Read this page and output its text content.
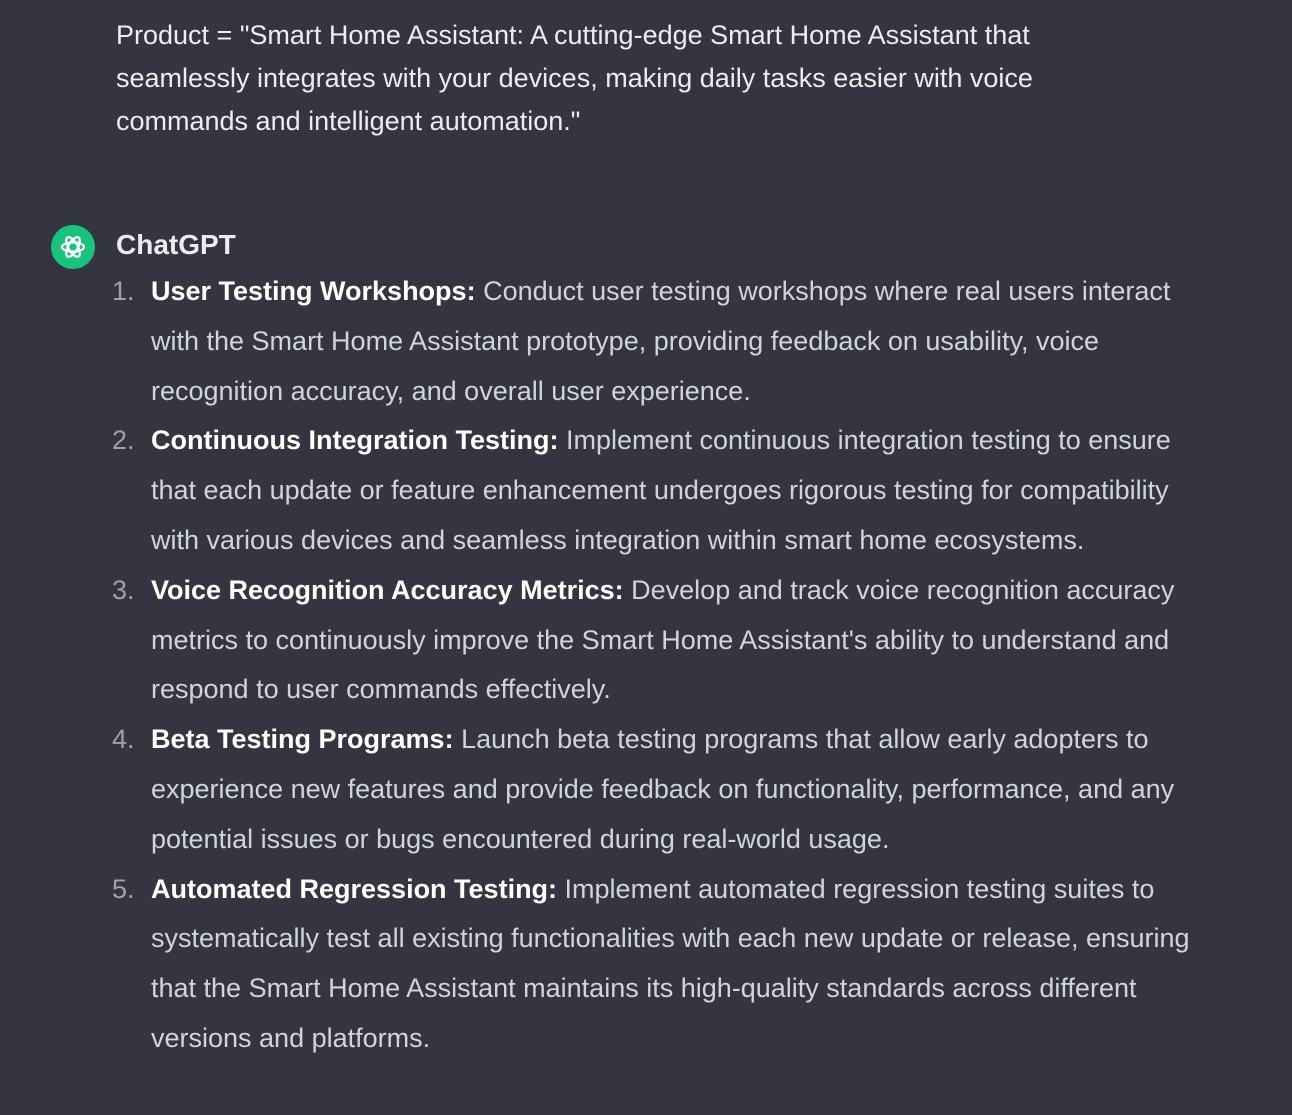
Product = "Smart Home Assistant: A cutting-edge Smart Home Assistant that seamlessly integrates with your devices, making daily tasks easier with voice commands and intelligent automation."
ChatGPT
1. User Testing Workshops: Conduct user testing workshops where real users interact with the Smart Home Assistant prototype, providing feedback on usability, voice recognition accuracy, and overall user experience.
2. Continuous Integration Testing: Implement continuous integration testing to ensure that each update or feature enhancement undergoes rigorous testing for compatibility with various devices and seamless integration within smart home ecosystems.
3. Voice Recognition Accuracy Metrics: Develop and track voice recognition accuracy metrics to continuously improve the Smart Home Assistant's ability to understand and respond to user commands effectively.
4. Beta Testing Programs: Launch beta testing programs that allow early adopters to experience new features and provide feedback on functionality, performance, and any potential issues or bugs encountered during real-world usage.
5. Automated Regression Testing: Implement automated regression testing suites to systematically test all existing functionalities with each new update or release, ensuring that the Smart Home Assistant maintains its high-quality standards across different versions and platforms.
